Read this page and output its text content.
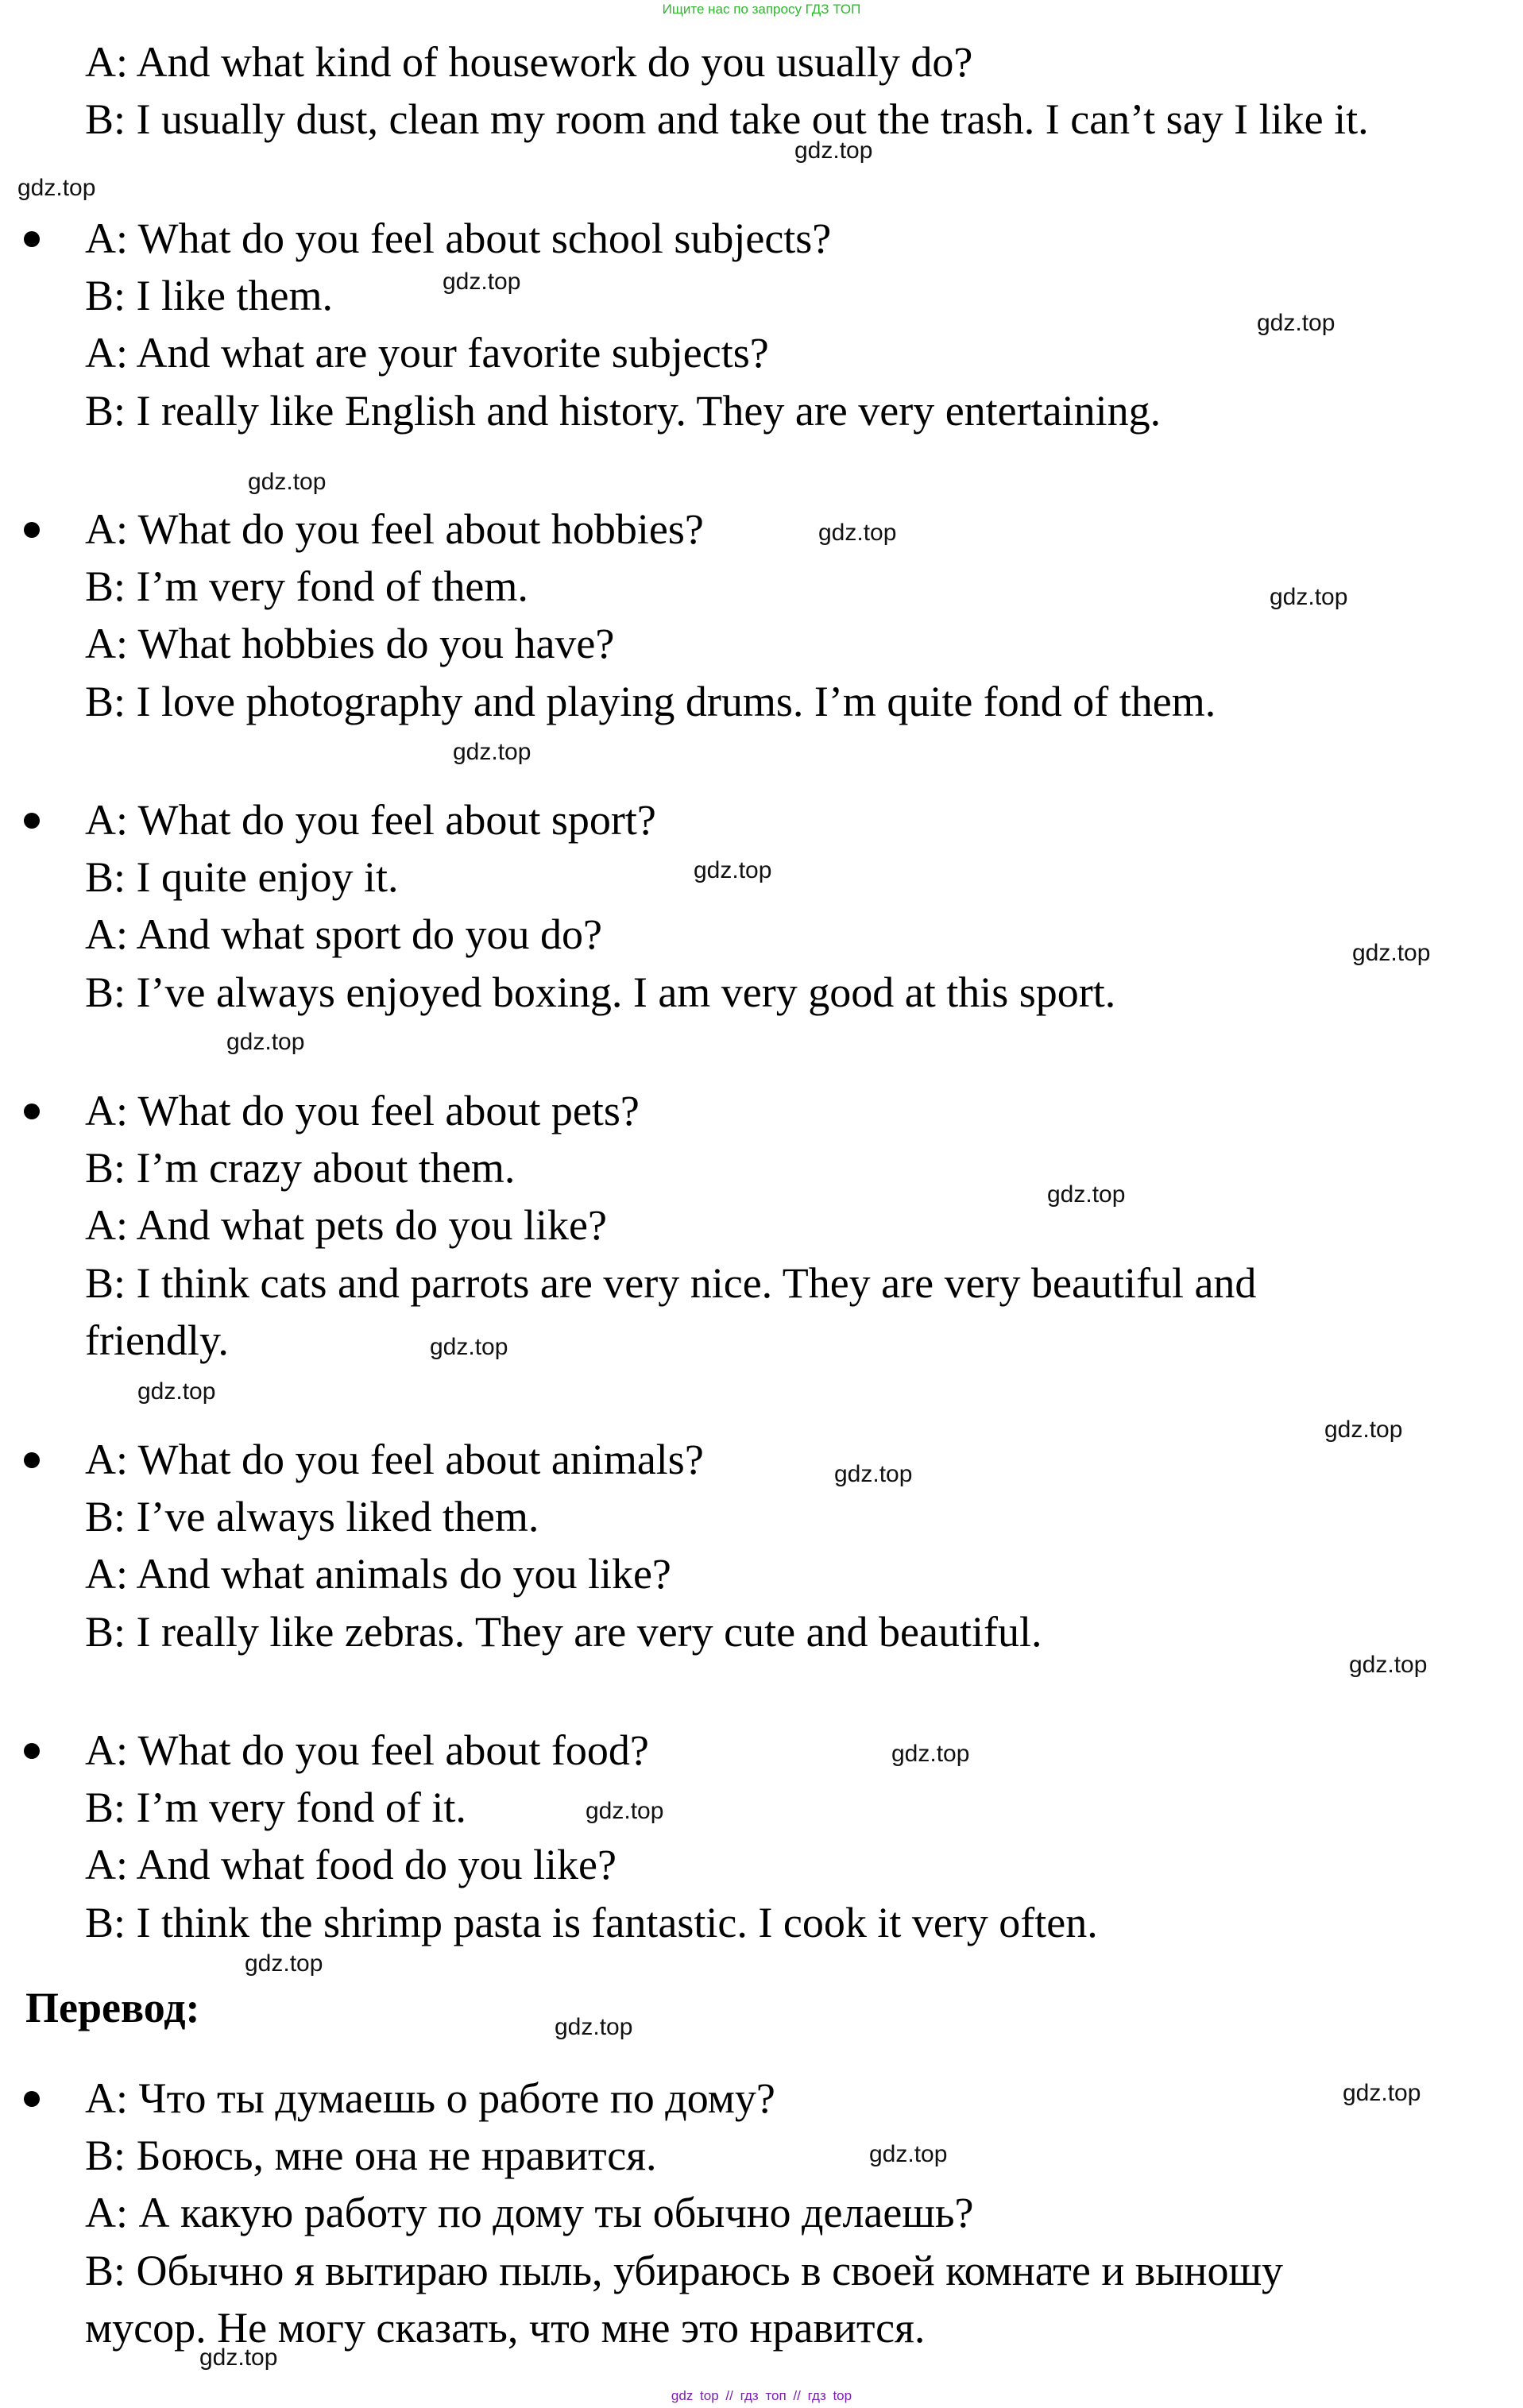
Ищите нас по запросу ГДЗ ТОП
A: And what kind of housework do you usually do?
B: I usually dust, clean my room and take out the trash. I can’t say I like it.
A: What do you feel about school subjects?
B: I like them.
A: And what are your favorite subjects?
B: I really like English and history. They are very entertaining.
A: What do you feel about hobbies?
B: I’m very fond of them.
A: What hobbies do you have?
B: I love photography and playing drums. I’m quite fond of them.
A: What do you feel about sport?
B: I quite enjoy it.
A: And what sport do you do?
B: I’ve always enjoyed boxing. I am very good at this sport.
A: What do you feel about pets?
B: I’m crazy about them.
A: And what pets do you like?
B: I think cats and parrots are very nice. They are very beautiful and
friendly.
A: What do you feel about animals?
B: I’ve always liked them.
A: And what animals do you like?
B: I really like zebras. They are very cute and beautiful.
A: What do you feel about food?
B: I’m very fond of it.
A: And what food do you like?
B: I think the shrimp pasta is fantastic. I cook it very often.
Перевод:
A: Что ты думаешь о работе по дому?
B: Боюсь, мне она не нравится.
A: А какую работу по дому ты обычно делаешь?
B: Обычно я вытираю пыль, убираюсь в своей комнате и выношу
мусор. Не могу сказать, что мне это нравится.
gdz.top
gdz.top
gdz.top
gdz.top
gdz.top
gdz.top
gdz.top
gdz.top
gdz.top
gdz.top
gdz.top
gdz.top
gdz.top
gdz.top
gdz.top
gdz.top
gdz.top
gdz.top
gdz.top
gdz.top
gdz.top
gdz.top
gdz.top
gdz.top
gdz top // гдз топ // гдз top
